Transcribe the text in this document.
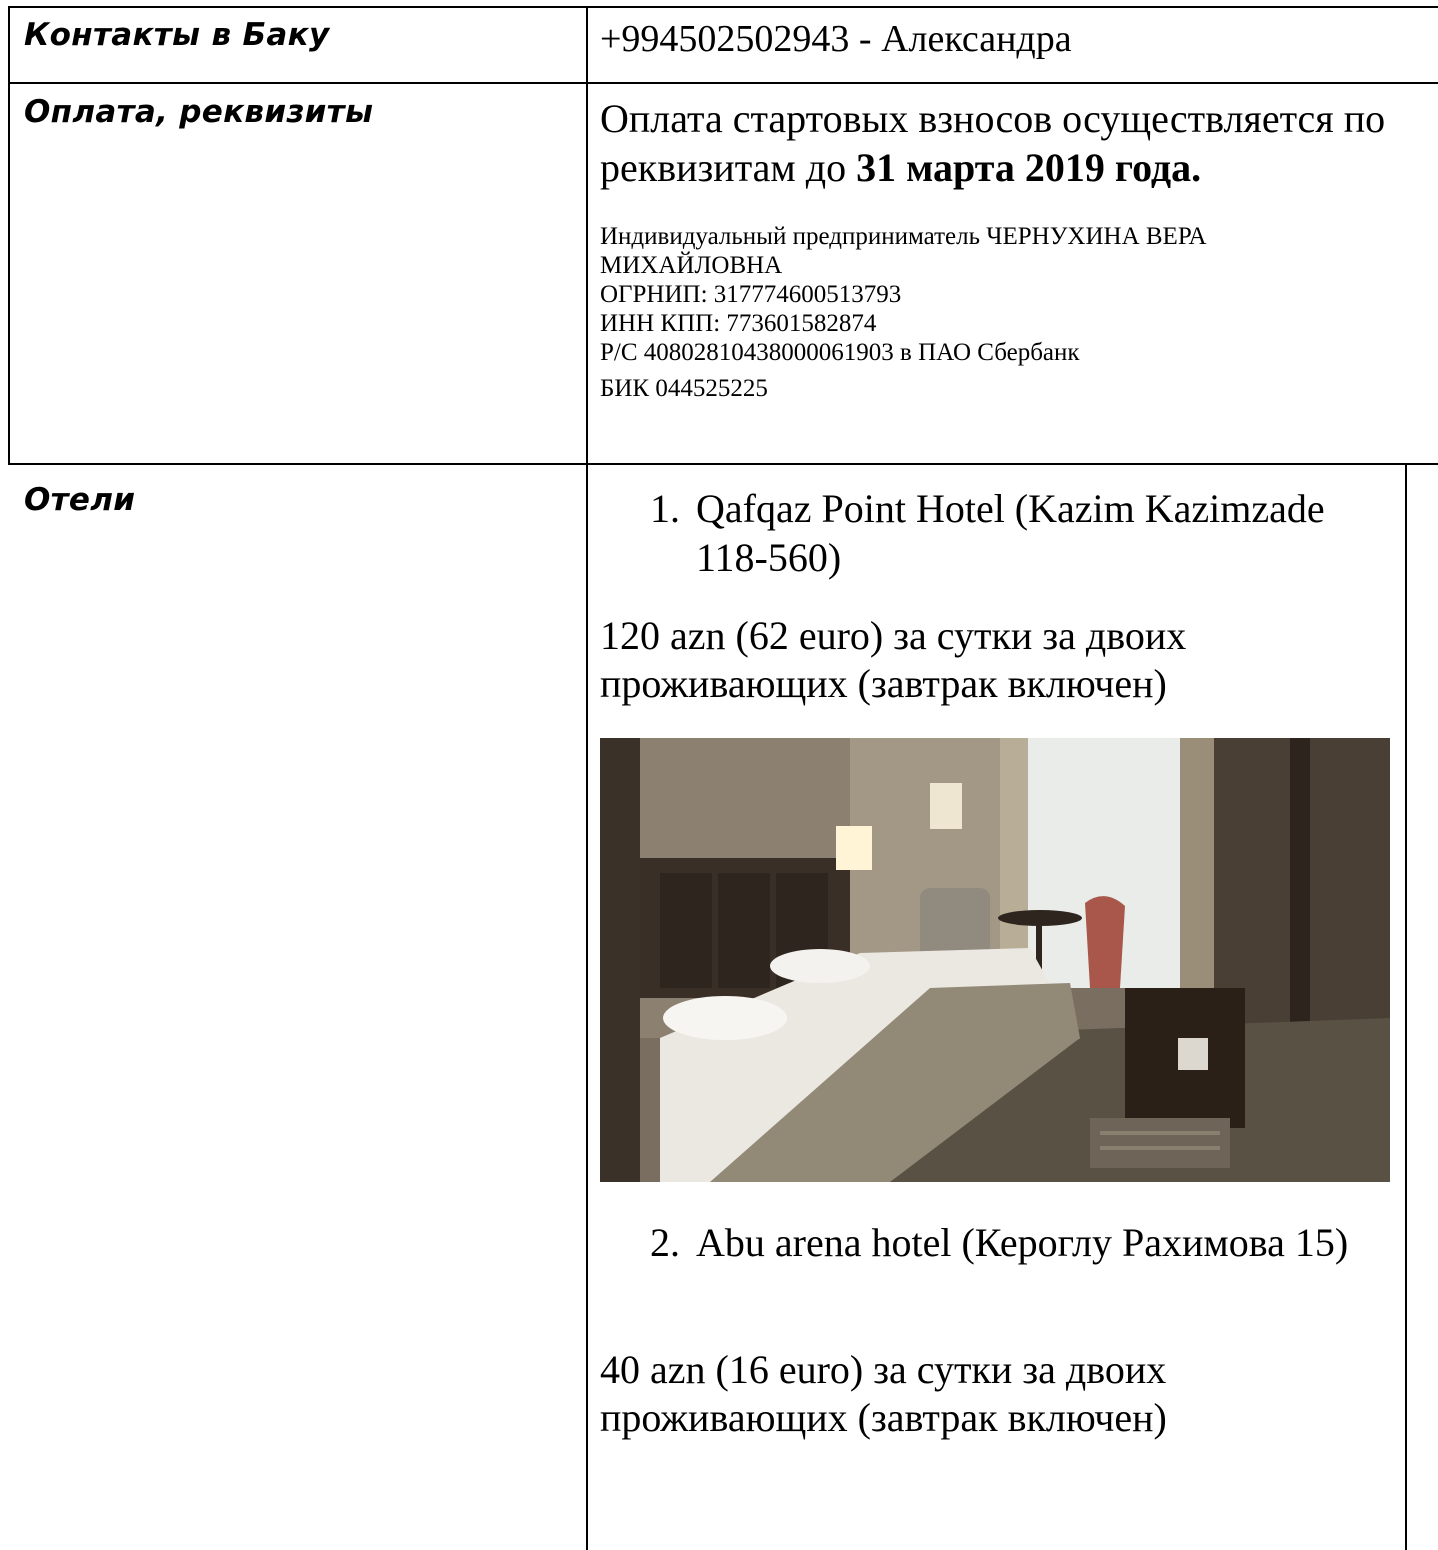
Контакты в Баку	+994502502943 - Александра
Оплата, реквизиты	Оплата стартовых взносов осуществляется по реквизитам до 31 марта 2019 года.
Индивидуальный предприниматель ЧЕРНУХИНА ВЕРА
МИХАЙЛОВНА
ОГРНИП: 317774600513793
ИНН КПП: 773601582874
Р/С 40802810438000061903 в ПАО Сбербанк
БИК 044525225
Отели	1. Qafqaz Point Hotel (Kazim Kazimzade 118-560)
120 azn (62 euro) за сутки за двоих проживающих (завтрак включен)
2. Abu arena hotel (Кероглу Рахимова 15)
40 azn (16 euro) за сутки за двоих проживающих (завтрак включен)
